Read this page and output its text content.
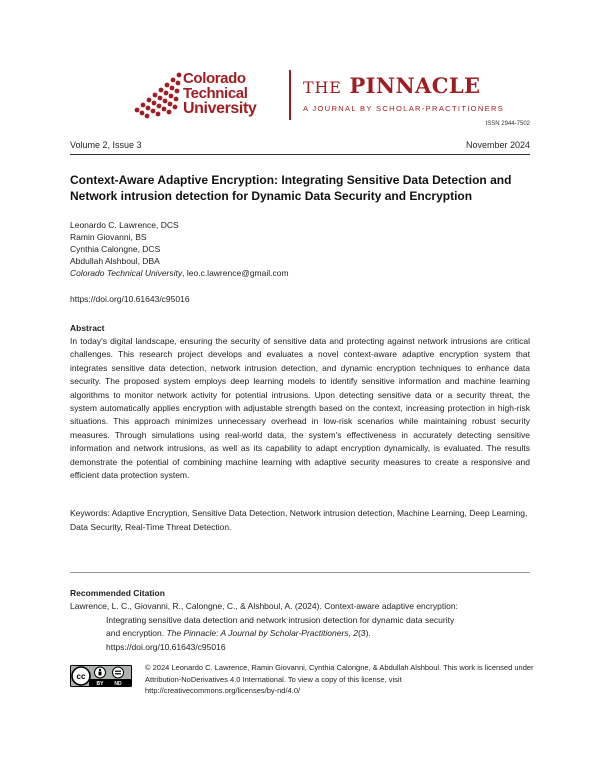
Colorado
Technical
University
THE PINNACLE
A JOURNAL BY SCHOLAR-PRACTITIONERS
ISSN 2944-7502
Volume 2, Issue 3	November 2024
Context-Aware Adaptive Encryption: Integrating Sensitive Data Detection and Network intrusion detection for Dynamic Data Security and Encryption
Leonardo C. Lawrence, DCS
Ramin Giovanni, BS
Cynthia Calongne, DCS
Abdullah Alshboul, DBA
Colorado Technical University, leo.c.lawrence@gmail.com
https://doi.org/10.61643/c95016
Abstract
In today's digital landscape, ensuring the security of sensitive data and protecting against network intrusions are critical challenges. This research project develops and evaluates a novel context-aware adaptive encryption system that integrates sensitive data detection, network intrusion detection, and dynamic encryption techniques to enhance data security. The proposed system employs deep learning models to identify sensitive information and machine learning algorithms to monitor network activity for potential intrusions. Upon detecting sensitive data or a security threat, the system automatically applies encryption with adjustable strength based on the context, increasing protection in high-risk situations. This approach minimizes unnecessary overhead in low-risk scenarios while maintaining robust security measures. Through simulations using real-world data, the system's effectiveness in accurately detecting sensitive information and network intrusions, as well as its capability to adapt encryption dynamically, is evaluated. The results demonstrate the potential of combining machine learning with adaptive security measures to create a responsive and efficient data protection system.
Keywords: Adaptive Encryption, Sensitive Data Detection, Network intrusion detection, Machine Learning, Deep Learning, Data Security, Real-Time Threat Detection.
Recommended Citation
Lawrence, L. C., Giovanni, R., Calongne, C., & Alshboul, A. (2024). Context-aware adaptive encryption:
Integrating sensitive data detection and network intrusion detection for dynamic data security
and encryption. The Pinnacle: A Journal by Scholar-Practitioners, 2(3).
https://doi.org/10.61643/c95016
cc
BY ND
© 2024 Leonardo C. Lawrence, Ramin Giovanni, Cynthia Calongne, & Abdullah Alshboul. This work is licensed under Attribution-NoDerivatives 4.0 International. To view a copy of this license, visit http://creativecommons.org/licenses/by-nd/4.0/
